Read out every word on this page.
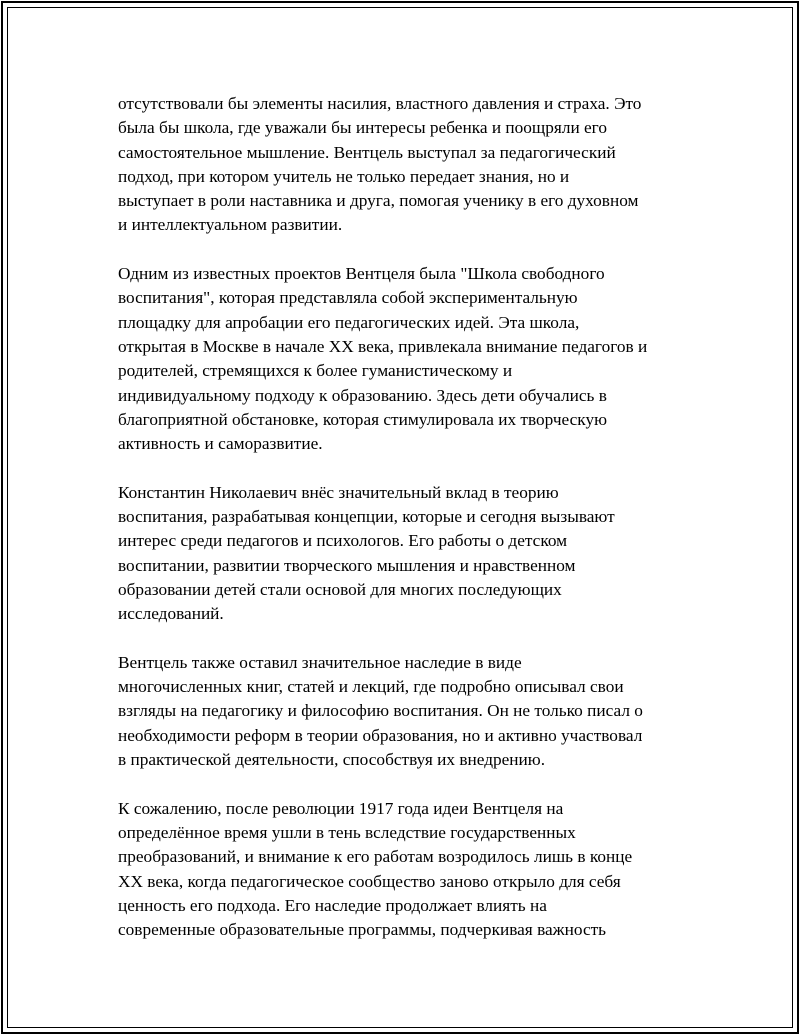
отсутствовали бы элементы насилия, властного давления и страха. Это
была бы школа, где уважали бы интересы ребенка и поощряли его
самостоятельное мышление. Вентцель выступал за педагогический
подход, при котором учитель не только передает знания, но и
выступает в роли наставника и друга, помогая ученику в его духовном
и интеллектуальном развитии.

Одним из известных проектов Вентцеля была "Школа свободного
воспитания", которая представляла собой экспериментальную
площадку для апробации его педагогических идей. Эта школа,
открытая в Москве в начале XX века, привлекала внимание педагогов и
родителей, стремящихся к более гуманистическому и
индивидуальному подходу к образованию. Здесь дети обучались в
благоприятной обстановке, которая стимулировала их творческую
активность и саморазвитие.

Константин Николаевич внёс значительный вклад в теорию
воспитания, разрабатывая концепции, которые и сегодня вызывают
интерес среди педагогов и психологов. Его работы о детском
воспитании, развитии творческого мышления и нравственном
образовании детей стали основой для многих последующих
исследований.

Вентцель также оставил значительное наследие в виде
многочисленных книг, статей и лекций, где подробно описывал свои
взгляды на педагогику и философию воспитания. Он не только писал о
необходимости реформ в теории образования, но и активно участвовал
в практической деятельности, способствуя их внедрению.

К сожалению, после революции 1917 года идеи Вентцеля на
определённое время ушли в тень вследствие государственных
преобразований, и внимание к его работам возродилось лишь в конце
XX века, когда педагогическое сообщество заново открыло для себя
ценность его подхода. Его наследие продолжает влиять на
современные образовательные программы, подчеркивая важность
